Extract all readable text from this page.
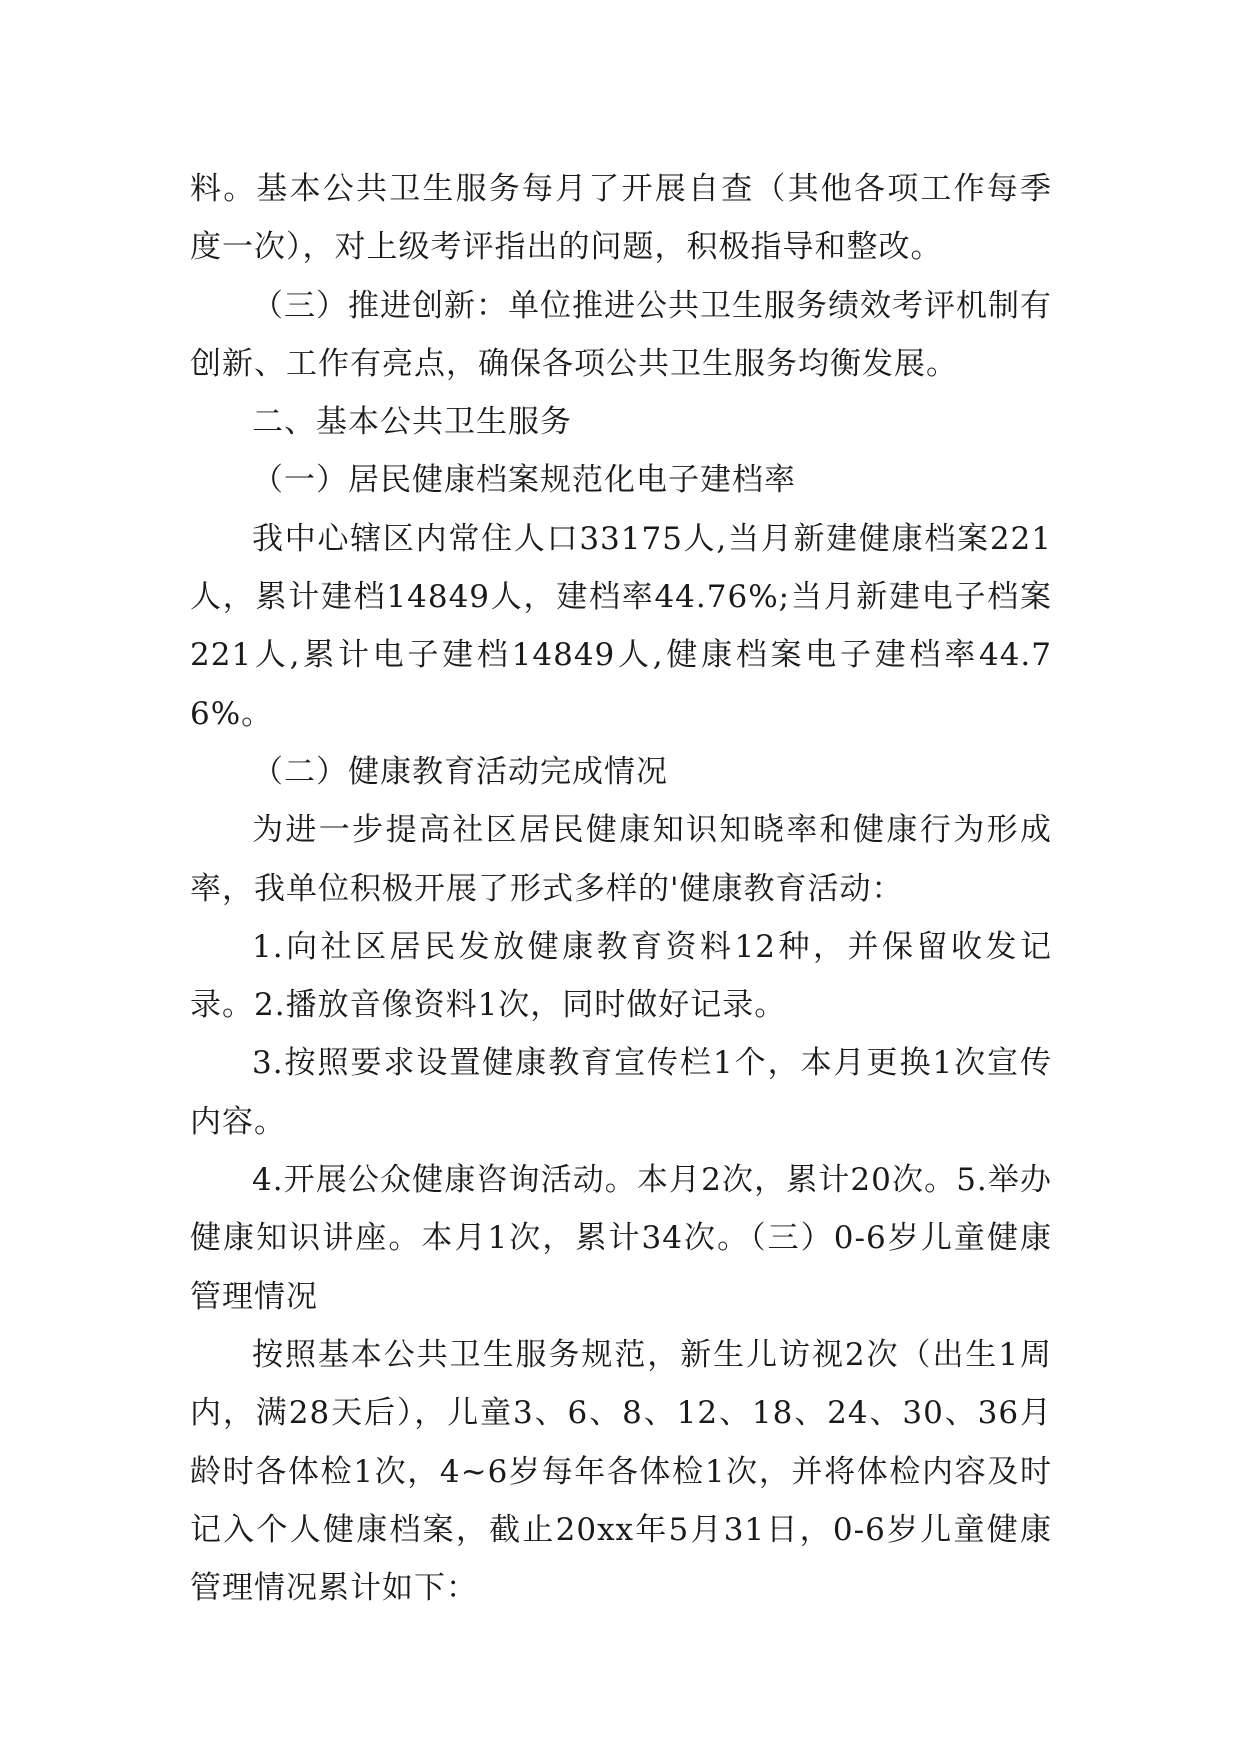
料。基本公共卫生服务每月了开展自查（其他各项工作每季度一次），对上级考评指出的问题，积极指导和整改。

（三）推进创新：单位推进公共卫生服务绩效考评机制有创新、工作有亮点，确保各项公共卫生服务均衡发展。

二、基本公共卫生服务

（一）居民健康档案规范化电子建档率

我中心辖区内常住人口33175人,当月新建健康档案221人，累计建档14849人，建档率44.76%;当月新建电子档案221人,累计电子建档14849人,健康档案电子建档率44.76%。

（二）健康教育活动完成情况

为进一步提高社区居民健康知识知晓率和健康行为形成率，我单位积极开展了形式多样的'健康教育活动：

1.向社区居民发放健康教育资料12种，并保留收发记录。2.播放音像资料1次，同时做好记录。

3.按照要求设置健康教育宣传栏1个，本月更换1次宣传内容。

4.开展公众健康咨询活动。本月2次，累计20次。5.举办健康知识讲座。本月1次，累计34次。（三）0-6岁儿童健康管理情况

按照基本公共卫生服务规范，新生儿访视2次（出生1周内，满28天后），儿童3、6、8、12、18、24、30、36月龄时各体检1次，4~6岁每年各体检1次，并将体检内容及时记入个人健康档案，截止20xx年5月31日，0-6岁儿童健康管理情况累计如下：
